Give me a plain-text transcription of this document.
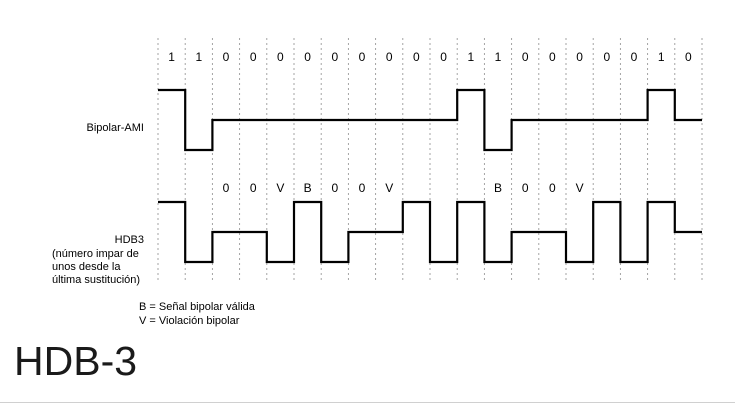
1 1 0 0 0 0 0 0 0 0 0 1 1 0 0 0 0 0 1 0
0 0 V B 0 0 V	B 0 0 V
Bipolar-AMI
HDB3
(número impar de
unos desde la
última sustitución)
B = Señal bipolar válida
V = Violación bipolar
HDB-3
